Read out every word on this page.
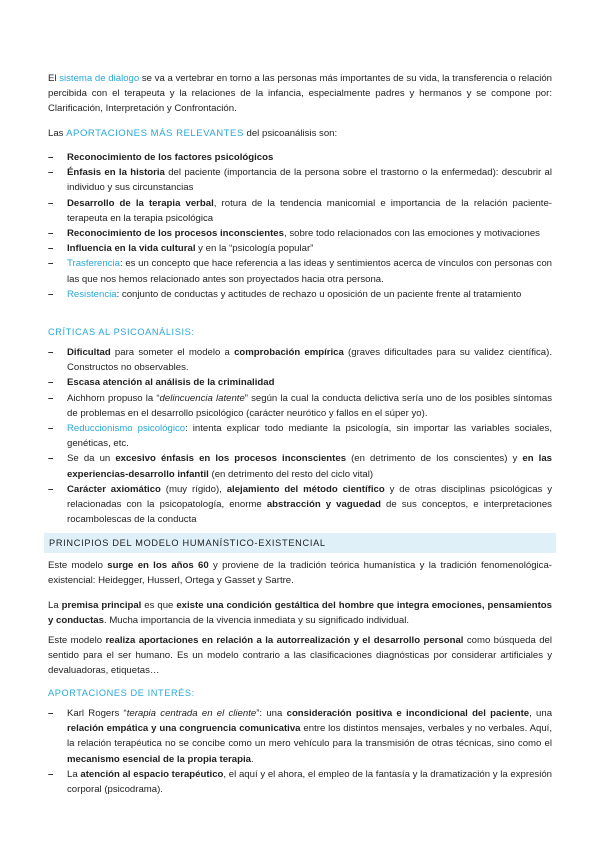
El sistema de dialogo se va a vertebrar en torno a las personas más importantes de su vida, la transferencia o relación percibida con el terapeuta y la relaciones de la infancia, especialmente padres y hermanos y se compone por: Clarificación, Interpretación y Confrontación.

Las APORTACIONES MÁS RELEVANTES del psicoanálisis son:

– Reconocimiento de los factores psicológicos
– Énfasis en la historia del paciente (importancia de la persona sobre el trastorno o la enfermedad): descubrir al individuo y sus circunstancias
– Desarrollo de la terapia verbal, rotura de la tendencia manicomial e importancia de la relación paciente-terapeuta en la terapia psicológica
– Reconocimiento de los procesos inconscientes, sobre todo relacionados con las emociones y motivaciones
– Influencia en la vida cultural y en la “psicología popular”
– Trasferencia: es un concepto que hace referencia a las ideas y sentimientos acerca de vínculos con personas con las que nos hemos relacionado antes son proyectados hacia otra persona.
– Resistencia: conjunto de conductas y actitudes de rechazo u oposición de un paciente frente al tratamiento
CRÍTICAS AL PSICOANÁLISIS:
– Dificultad para someter el modelo a comprobación empírica (graves dificultades para su validez científica). Constructos no observables.
– Escasa atención al análisis de la criminalidad
– Aichhorn propuso la “delincuencia latente” según la cual la conducta delictiva sería uno de los posibles síntomas de problemas en el desarrollo psicológico (carácter neurótico y fallos en el súper yo).
– Reduccionismo psicológico: intenta explicar todo mediante la psicología, sin importar las variables sociales, genéticas, etc.
– Se da un excesivo énfasis en los procesos inconscientes (en detrimento de los conscientes) y en las experiencias-desarrollo infantil (en detrimento del resto del ciclo vital)
– Carácter axiomático (muy rígido), alejamiento del método científico y de otras disciplinas psicológicas y relacionadas con la psicopatología, enorme abstracción y vaguedad de sus conceptos, e interpretaciones rocambolescas de la conducta
PRINCIPIOS DEL MODELO HUMANÍSTICO-EXISTENCIAL

Este modelo surge en los años 60 y proviene de la tradición teórica humanística y la tradición fenomenológica-existencial: Heidegger, Husserl, Ortega y Gasset y Sartre.

La premisa principal es que existe una condición gestáltica del hombre que integra emociones, pensamientos y conductas. Mucha importancia de la vivencia inmediata y su significado individual.

Este modelo realiza aportaciones en relación a la autorrealización y el desarrollo personal como búsqueda del sentido para el ser humano. Es un modelo contrario a las clasificaciones diagnósticas por considerar artificiales y devaluadoras, etiquetas…

APORTACIONES DE INTERÉS:
– Karl Rogers “terapia centrada en el cliente”: una consideración positiva e incondicional del paciente, una relación empática y una congruencia comunicativa entre los distintos mensajes, verbales y no verbales. Aquí, la relación terapéutica no se concibe como un mero vehículo para la transmisión de otras técnicas, sino como el mecanismo esencial de la propia terapia.
– La atención al espacio terapéutico, el aquí y el ahora, el empleo de la fantasía y la dramatización y la expresión corporal (psicodrama).
